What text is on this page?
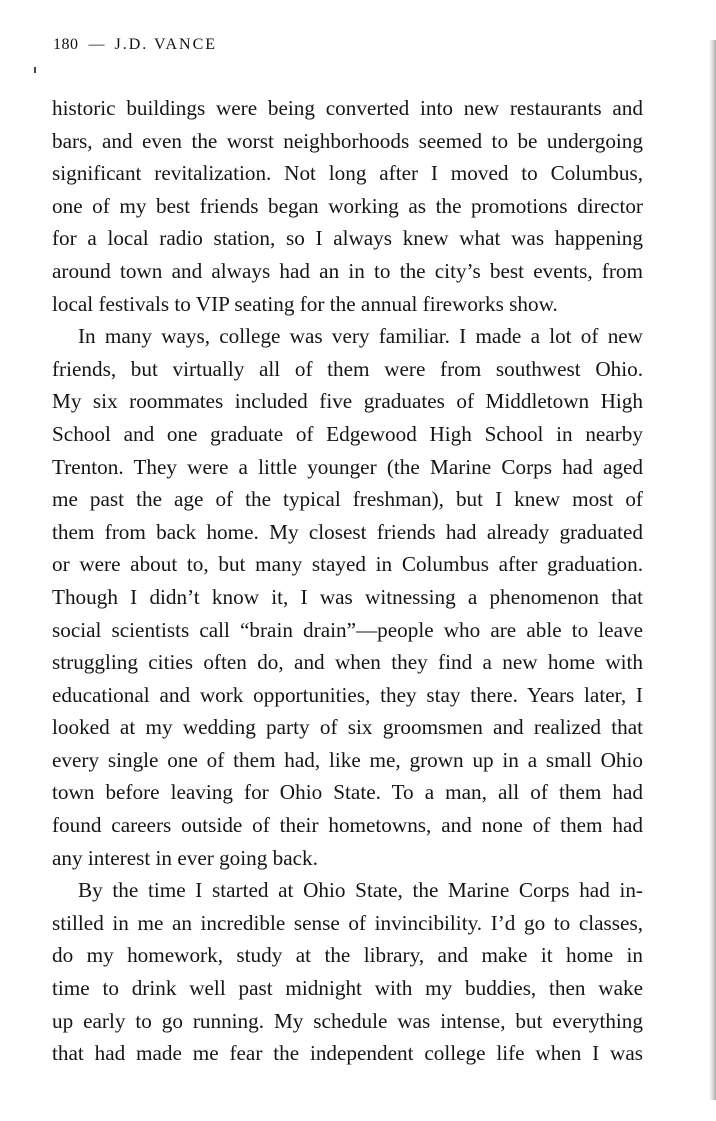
180 — J.D. VANCE
historic buildings were being converted into new restaurants and
bars, and even the worst neighborhoods seemed to be undergoing
significant revitalization. Not long after I moved to Columbus,
one of my best friends began working as the promotions director
for a local radio station, so I always knew what was happening
around town and always had an in to the city’s best events, from
local festivals to VIP seating for the annual fireworks show.
In many ways, college was very familiar. I made a lot of new
friends, but virtually all of them were from southwest Ohio.
My six roommates included five graduates of Middletown High
School and one graduate of Edgewood High School in nearby
Trenton. They were a little younger (the Marine Corps had aged
me past the age of the typical freshman), but I knew most of
them from back home. My closest friends had already graduated
or were about to, but many stayed in Columbus after graduation.
Though I didn’t know it, I was witnessing a phenomenon that
social scientists call “brain drain”—people who are able to leave
struggling cities often do, and when they find a new home with
educational and work opportunities, they stay there. Years later, I
looked at my wedding party of six groomsmen and realized that
every single one of them had, like me, grown up in a small Ohio
town before leaving for Ohio State. To a man, all of them had
found careers outside of their hometowns, and none of them had
any interest in ever going back.
By the time I started at Ohio State, the Marine Corps had in-
stilled in me an incredible sense of invincibility. I’d go to classes,
do my homework, study at the library, and make it home in
time to drink well past midnight with my buddies, then wake
up early to go running. My schedule was intense, but everything
that had made me fear the independent college life when I was
